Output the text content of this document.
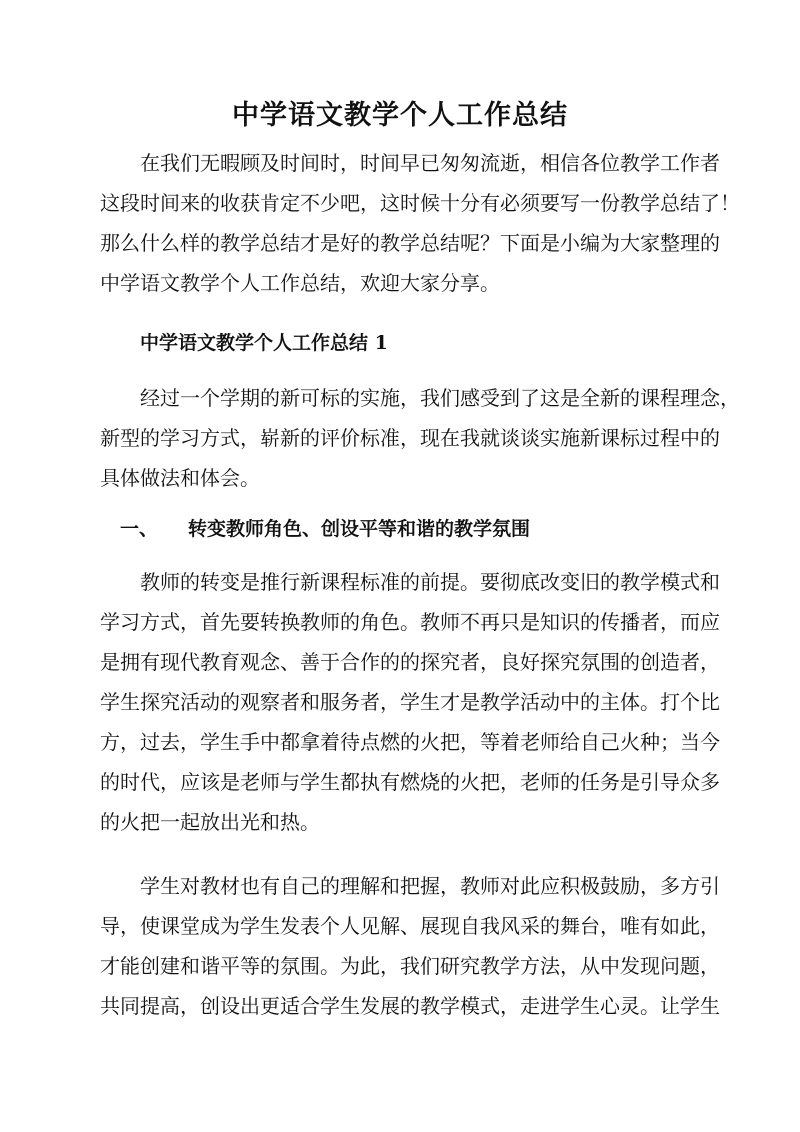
中学语文教学个人工作总结
在我们无暇顾及时间时，时间早已匆匆流逝，相信各位教学工作者
这段时间来的收获肯定不少吧，这时候十分有必须要写一份教学总结了！
那么什么样的教学总结才是好的教学总结呢？下面是小编为大家整理的
中学语文教学个人工作总结，欢迎大家分享。
中学语文教学个人工作总结 1
经过一个学期的新可标的实施，我们感受到了这是全新的课程理念，
新型的学习方式，崭新的评价标准，现在我就谈谈实施新课标过程中的
具体做法和体会。
一、 转变教师角色、创设平等和谐的教学氛围
教师的转变是推行新课程标准的前提。要彻底改变旧的教学模式和
学习方式，首先要转换教师的角色。教师不再只是知识的传播者，而应
是拥有现代教育观念、善于合作的的探究者，良好探究氛围的创造者，
学生探究活动的观察者和服务者，学生才是教学活动中的主体。打个比
方，过去，学生手中都拿着待点燃的火把，等着老师给自己火种；当今
的时代，应该是老师与学生都执有燃烧的火把，老师的任务是引导众多
的火把一起放出光和热。
学生对教材也有自己的理解和把握，教师对此应积极鼓励，多方引
导，使课堂成为学生发表个人见解、展现自我风采的舞台，唯有如此，
才能创建和谐平等的氛围。为此，我们研究教学方法，从中发现问题，
共同提高，创设出更适合学生发展的教学模式，走进学生心灵。让学生
